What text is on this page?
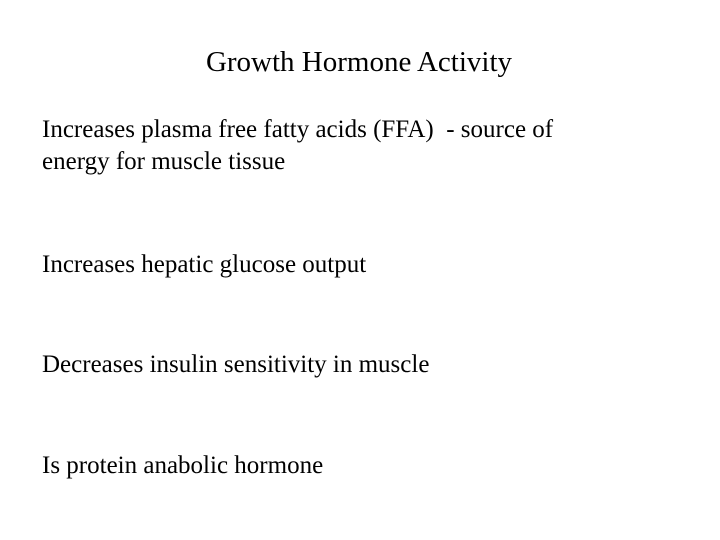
Growth Hormone Activity
Increases plasma free fatty acids (FFA)  - source of
energy for muscle tissue
Increases hepatic glucose output
Decreases insulin sensitivity in muscle
Is protein anabolic hormone
